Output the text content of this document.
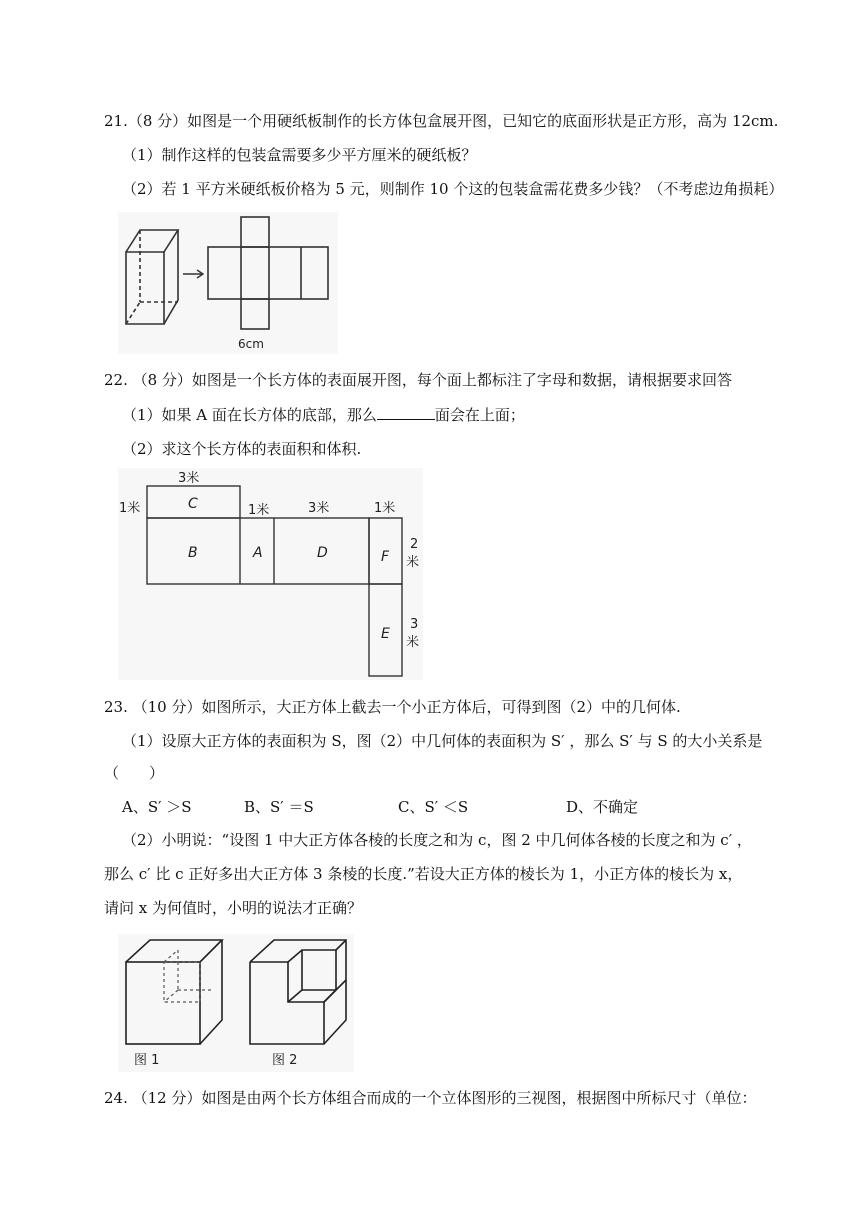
21.（8 分）如图是一个用硬纸板制作的长方体包盒展开图，已知它的底面形状是正方形，高为 12cm.
（1）制作这样的包装盒需要多少平方厘米的硬纸板？
（2）若 1 平方米硬纸板价格为 5 元，则制作 10 个这的包装盒需花费多少钱？（不考虑边角损耗）
6cm
22. （8 分）如图是一个长方体的表面展开图，每个面上都标注了字母和数据，请根据要求回答
（1）如果 A 面在长方体的底部，那么	面会在上面；
（2）求这个长方体的表面积和体积.
C
B	A	D	F
E
3米
1米	1米	3米	1米
2
米
3
米
23. （10 分）如图所示，大正方体上截去一个小正方体后，可得到图（2）中的几何体.
（1）设原大正方体的表面积为 S，图（2）中几何体的表面积为 S′ ，那么 S′ 与 S 的大小关系是
（　　）
A、S′ ＞S	B、S′ ＝S	C、S′ ＜S	D、不确定
（2）小明说：“设图 1 中大正方体各棱的长度之和为 c，图 2 中几何体各棱的长度之和为 c′ ，
那么 c′ 比 c 正好多出大正方体 3 条棱的长度.”若设大正方体的棱长为 1，小正方体的棱长为 x，
请问 x 为何值时，小明的说法才正确？
图 1	图 2
24. （12 分）如图是由两个长方体组合而成的一个立体图形的三视图，根据图中所标尺寸（单位：
